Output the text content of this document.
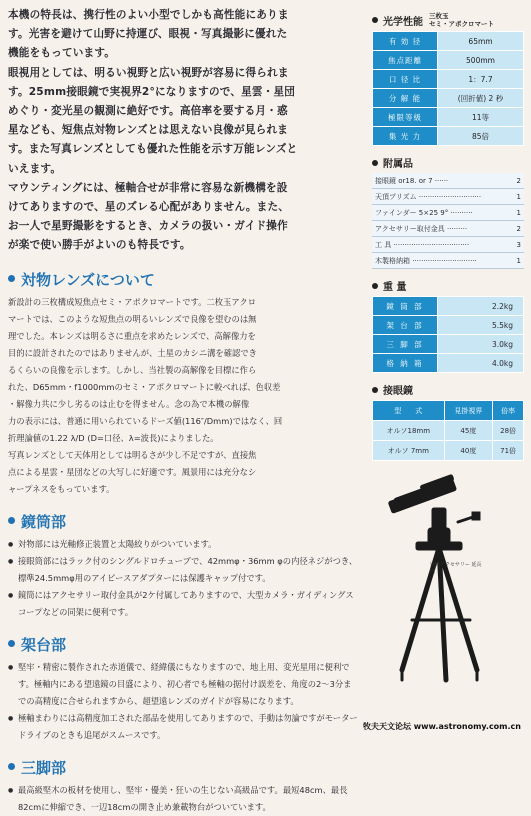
本機の特長は、携行性のよい小型でしかも高性能にありま

す。光害を避けて山野に持運び、眼視・写真撮影に優れた

機能をもっています。

眼視用としては、明るい視野と広い視野が容易に得られま

す。25mm接眼鏡で実視界2°になりますので、星雲・星団

めぐり・変光星の観測に絶好です。高倍率を要する月・惑

星なども、短焦点対物レンズとは思えない良像が見られま

す。また写真レンズとしても優れた性能を示す万能レンズと

いえます。

マウンティングには、極軸合せが非常に容易な新機構を設

けてありますので、星のズレる心配がありません。また、

お一人で星野撮影をするとき、カメラの扱い・ガイド操作

が楽で使い勝手がよいのも特長です。

対物レンズについて

新設計の三枚構成短焦点セミ・アポクロマートです。二枚玉アクロ

マートでは、このような短焦点の明るいレンズで良像を望むのは無

理でした。本レンズは明るさに重点を求めたレンズで、高解像力を

目的に設計されたのではありませんが、土星のカシニ溝を確認でき

るくらいの良像を示します。しかし、当社製の高解像を目標に作ら

れた、D65mm・f1000mmのセミ・アポクロマートに較べれば、色収差

・解像力共に少し劣るのは止むを得ません。念の為で本機の解像

力の表示には、普通に用いられているドーズ値(116″/Dmm)ではなく、回

折理論値の1.22 λ/D (D=口径、λ=波長)によりました。

写真レンズとして天体用としては明るさが少し不足ですが、直接焦

点による星雲・星団などの大写しに好適です。風景用には充分なシ

ャープネスをもっています。

鏡筒部

● 対物部には光軸修正装置と太陽絞りがついています。

● 接眼筒部にはラック付のシングルドロチューブで、42mmφ・36mm φの内径ネジがつき、標準24.5mmφ用のアイピースアダプターには保護キャップ付です。

● 鏡筒にはアクセサリー取付金具が2ケ付属してありますので、大型カメラ・ガイディングスコープなどの同架に便利です。

架台部

● 堅牢・精密に製作された赤道儀で、経緯儀にもなりますので、地上用、変光星用に便利です。極軸内にある望遠鏡の目盛により、初心者でも極軸の据付け誤差を、角度の2～3分までの高精度に合せられますから、超望遠レンズのガイドが容易になります。

● 極軸まわりには高精度加工された部品を使用してありますので、手動は勿論ですがモータードライブのときも追尾がスムースです。

三脚部

● 最高級堅木の板材を使用し、堅牢・優美・狂いの生じない高級品です。最短48cm、最長82cmに伸縮でき、一辺18cmの開き止め兼載物台がついています。

光学性能
三枚玉
セミ・アポクロマート
有 効 径	65mm
焦点距離	500mm
口 径 比	1：7.7
分 解 能	(回折値) 2 秒
極限等級	11等
集 光 力	85倍
附属品
接眼鏡 or18. or 7 ······	2
天頂プリズム ····························	1
ファインダー 5×25 9° ··········	1
アクセサリー取付金具 ·········	2
工 具 ··································	3
木製格納箱 ·····························	1
重 量
鏡 筒 部	2.2kg
架 台 部	5.5kg
三 脚 部	3.0kg
格 納 箱	4.0kg
接眼鏡
型　　式	見掛視界	倍率
オルソ18mm	45度	28倍
オルソ 7mm	40度	71倍
別売アクセサリー 延長筒
牧夫天文论坛 www.astronomy.com.cn
